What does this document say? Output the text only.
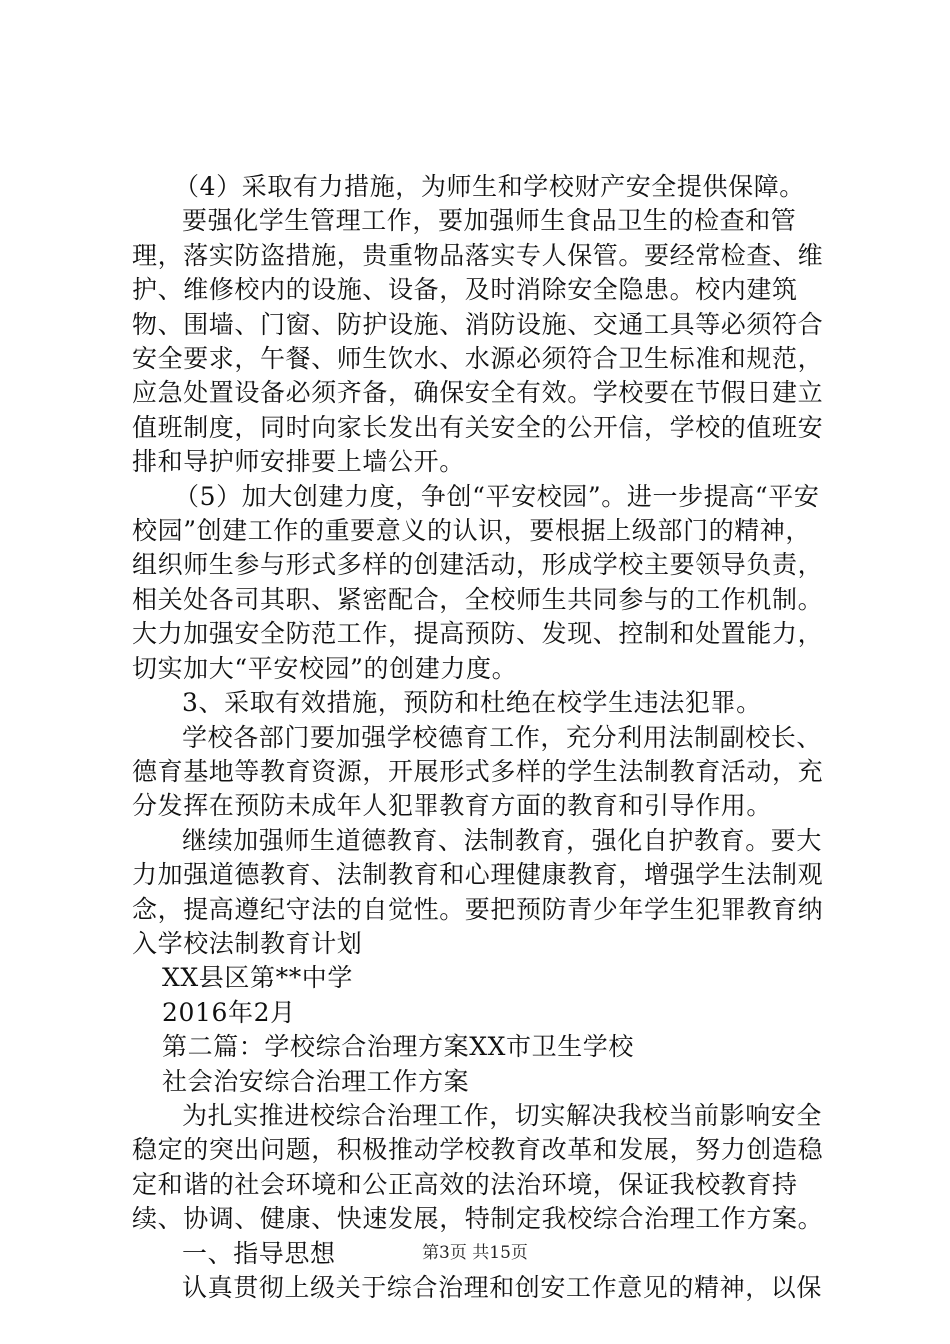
（4）采取有力措施，为师生和学校财产安全提供保障。

要强化学生管理工作，要加强师生食品卫生的检查和管理，落实防盗措施，贵重物品落实专人保管。要经常检查、维护、维修校内的设施、设备，及时消除安全隐患。校内建筑物、围墙、门窗、防护设施、消防设施、交通工具等必须符合安全要求，午餐、师生饮水、水源必须符合卫生标准和规范，应急处置设备必须齐备，确保安全有效。学校要在节假日建立值班制度，同时向家长发出有关安全的公开信，学校的值班安排和导护师安排要上墙公开。

（5）加大创建力度，争创“平安校园”。进一步提高“平安校园”创建工作的重要意义的认识，要根据上级部门的精神，组织师生参与形式多样的创建活动，形成学校主要领导负责，相关处各司其职、紧密配合，全校师生共同参与的工作机制。大力加强安全防范工作，提高预防、发现、控制和处置能力，切实加大“平安校园”的创建力度。

3、采取有效措施，预防和杜绝在校学生违法犯罪。

学校各部门要加强学校德育工作，充分利用法制副校长、德育基地等教育资源，开展形式多样的学生法制教育活动，充分发挥在预防未成年人犯罪教育方面的教育和引导作用。

继续加强师生道德教育、法制教育，强化自护教育。要大力加强道德教育、法制教育和心理健康教育，增强学生法制观念，提高遵纪守法的自觉性。要把预防青少年学生犯罪教育纳入学校法制教育计划

XX县区第**中学

2016年2月

第二篇：学校综合治理方案XX市卫生学校

社会治安综合治理工作方案

为扎实推进校综合治理工作，切实解决我校当前影响安全稳定的突出问题，积极推动学校教育改革和发展，努力创造稳定和谐的社会环境和公正高效的法治环境，保证我校教育持续、协调、健康、快速发展，特制定我校综合治理工作方案。

一、指导思想

认真贯彻上级关于综合治理和创安工作意见的精神，以保

第3页 共15页
